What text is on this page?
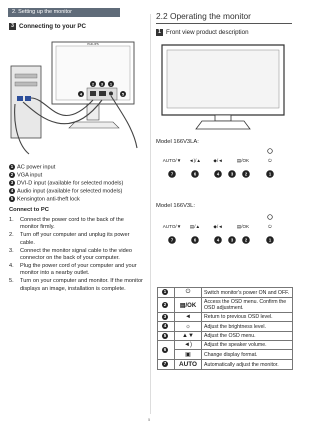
2. Setting up the monitor
3 Connecting to your PC
PHILIPS
1
2 3
4	5
1 AC power input
2 VGA input
3 DVI-D input (available for selected models)
4 Audio input (available for selected models)
5 Kensington anti-theft lock
Connect to PC
1. Connect the power cord to the back of the monitor firmly.
2. Turn off your computer and unplug its power cable.
3. Connect the monitor signal cable to the video connector on the back of your computer.
4. Plug the power cord of your computer and your monitor into a nearby outlet.
5. Turn on your computer and monitor. If the monitor displays an image, installation is complete.
2.2 Operating the monitor
1 Front view product description
Model 166V3LA:
AUTO/▼ ◄)/▲	◆/◄	▤/OK	⏻
7	6	4	3	2	1
Model 166V3L:
AUTO/▼ ▤/▲	◆/◄	▤/OK	⏻
7	6	4	3	2	1
1	⏻	Switch monitor's power ON and OFF.
2	▤/OK	Access the OSD menu. Confirm the OSD adjustment.
3	◄	Return to previous OSD level.
4	☼	Adjust the brightness level.
5	▲▼	Adjust the OSD menu.
6	◄)	Adjust the speaker volume.
	▣	Change display format.
7	AUTO	Automatically adjust the monitor.
5
